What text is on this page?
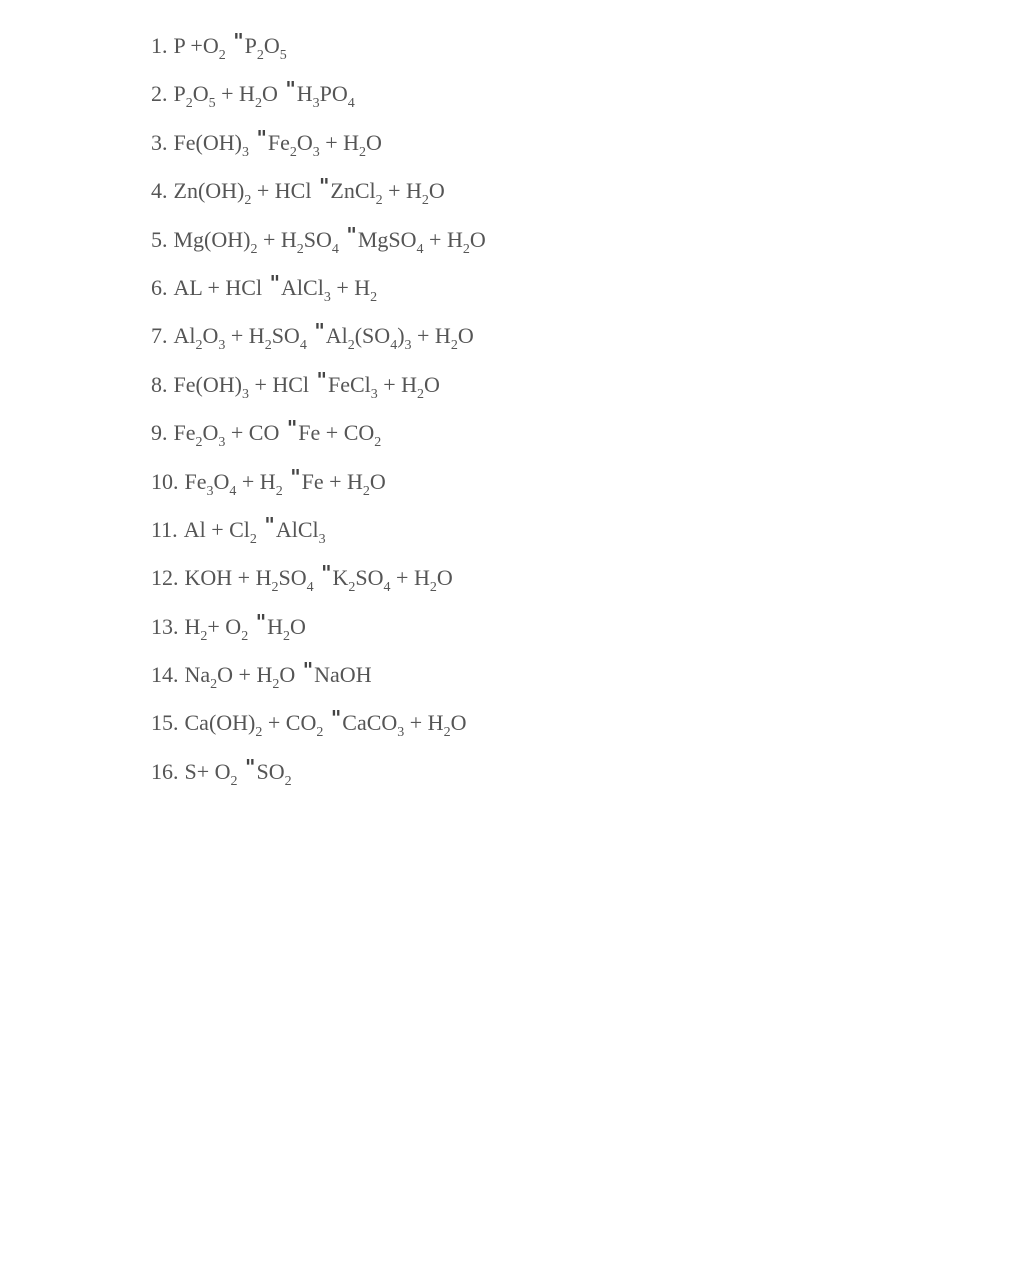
1. $P +O_2$ "$P_2O_5$
2. $P_2O_5 + H_2O$ "$H_3PO_4$
3. $Fe(OH)_3$ "$Fe_2O_3 + H_2O$
4. $Zn(OH)_2$ + HCl "ZnCl$_2$ + $H_2O$
5. $Mg(OH)_2 + H_2SO_4$ "MgSO$_4$ + $H_2O$
6. AL + HCl "AlCl$_3$ + $H_2$
7. $Al_2O_3 + H_2SO_4$ "$Al_2(SO_4)_3 + H_2O$
8. $Fe(OH)_3$ + HCl "FeCl$_3$ + $H_2O$
9. $Fe_2O_3$ + CO "$Fe + CO_2$
10. $Fe_3O_4 + H_2$ "$Fe + H_2O$
11. $Al + Cl_2$ "AlCl$_3$
12. KOH + $H_2SO_4$ "$K_2SO_4 + H_2O$
13. $H_2+ O_2$ "$H_2O$
14. $Na_2O + H_2O$ "NaOH
15. $Ca(OH)_2 + CO_2$ "CaCO$_3$ + $H_2O$
16. $S+ O_2$ "$SO_2$
